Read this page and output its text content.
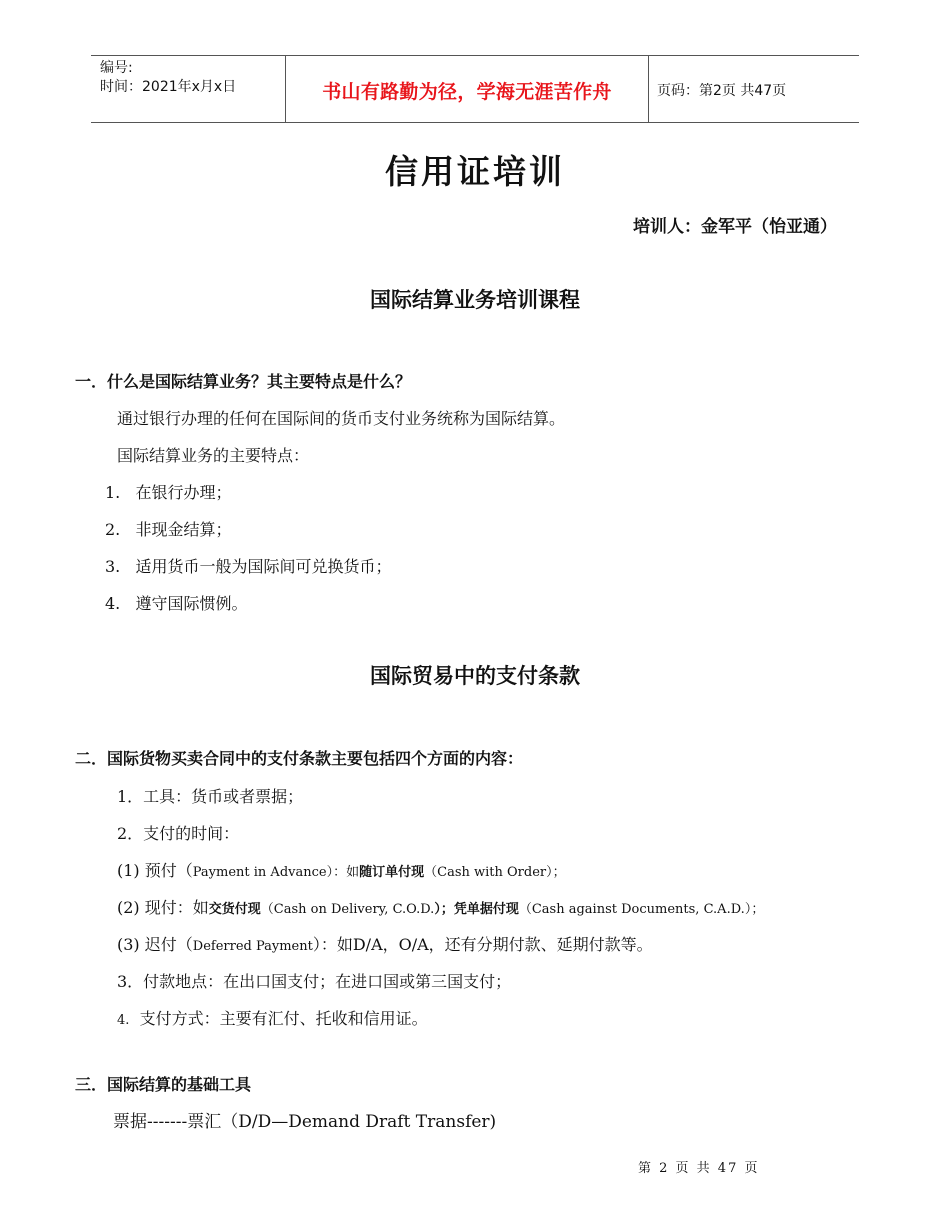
编号:
时间：2021年x月x日	书山有路勤为径，学海无涯苦作舟	页码：第2页 共47页
信用证培训
培训人：金军平（怡亚通）
国际结算业务培训课程
一．什么是国际结算业务？其主要特点是什么？
通过银行办理的任何在国际间的货币支付业务统称为国际结算。
国际结算业务的主要特点：
1. 在银行办理；
2. 非现金结算；
3. 适用货币一般为国际间可兑换货币；
4. 遵守国际惯例。
国际贸易中的支付条款
二．国际货物买卖合同中的支付条款主要包括四个方面的内容：
1．工具：货币或者票据；
2．支付的时间：
(1) 预付（Payment in Advance）：如随订单付现（Cash with Order）；
(2) 现付：如交货付现（Cash on Delivery, C.O.D.）；凭单据付现（Cash against Documents, C.A.D.）；
(3) 迟付（Deferred Payment）：如D/A，O/A，还有分期付款、延期付款等。
3．付款地点：在出口国支付；在进口国或第三国支付；
4. 支付方式：主要有汇付、托收和信用证。
三．国际结算的基础工具
票据-------票汇（D/D—Demand Draft Transfer)
第 2 页 共 47 页
